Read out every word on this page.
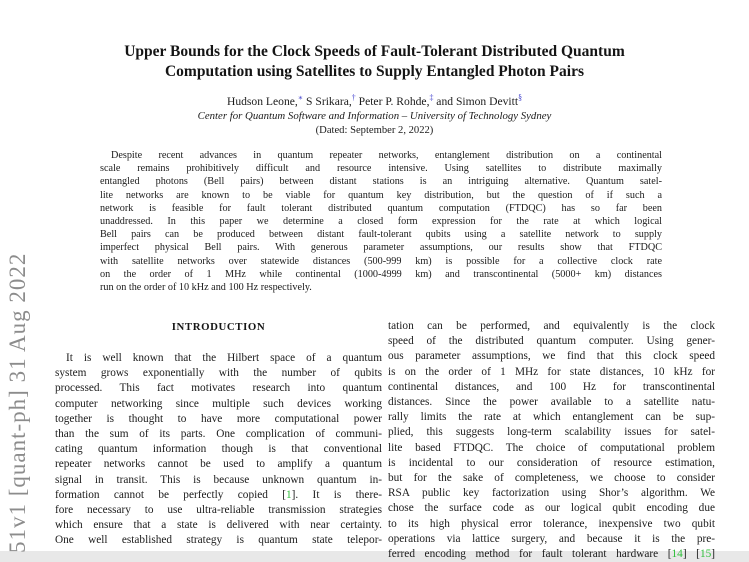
51v1 [quant-ph] 31 Aug 2022
Upper Bounds for the Clock Speeds of Fault-Tolerant Distributed Quantum
Computation using Satellites to Supply Entangled Photon Pairs
Hudson Leone,∗ S Srikara,† Peter P. Rohde,‡ and Simon Devitt§
Center for Quantum Software and Information – University of Technology Sydney
(Dated: September 2, 2022)
Despite recent advances in quantum repeater networks, entanglement distribution on a continental
scale remains prohibitively difficult and resource intensive. Using satellites to distribute maximally
entangled photons (Bell pairs) between distant stations is an intriguing alternative. Quantum satel-
lite networks are known to be viable for quantum key distribution, but the question of if such a
network is feasible for fault tolerant distributed quantum computation (FTDQC) has so far been
unaddressed. In this paper we determine a closed form expression for the rate at which logical
Bell pairs can be produced between distant fault-tolerant qubits using a satellite network to supply
imperfect physical Bell pairs. With generous parameter assumptions, our results show that FTDQC
with satellite networks over statewide distances (500-999 km) is possible for a collective clock rate
on the order of 1 MHz while continental (1000-4999 km) and transcontinental (5000+ km) distances
run on the order of 10 kHz and 100 Hz respectively.
INTRODUCTION
It is well known that the Hilbert space of a quantum
system grows exponentially with the number of qubits
processed. This fact motivates research into quantum
computer networking since multiple such devices working
together is thought to have more computational power
than the sum of its parts. One complication of communi-
cating quantum information though is that conventional
repeater networks cannot be used to amplify a quantum
signal in transit. This is because unknown quantum in-
formation cannot be perfectly copied [1]. It is there-
fore necessary to use ultra-reliable transmission strategies
which ensure that a state is delivered with near certainty.
One well established strategy is quantum state telepor-
tation can be performed, and equivalently is the clock
speed of the distributed quantum computer. Using gener-
ous parameter assumptions, we find that this clock speed
is on the order of 1 MHz for state distances, 10 kHz for
continental distances, and 100 Hz for transcontinental
distances. Since the power available to a satellite natu-
rally limits the rate at which entanglement can be sup-
plied, this suggests long-term scalability issues for satel-
lite based FTDQC. The choice of computational problem
is incidental to our consideration of resource estimation,
but for the sake of completeness, we choose to consider
RSA public key factorization using Shor’s algorithm. We
chose the surface code as our logical qubit encoding due
to its high physical error tolerance, inexpensive two qubit
operations via lattice surgery, and because it is the pre-
ferred encoding method for fault tolerant hardware [14] [15]
